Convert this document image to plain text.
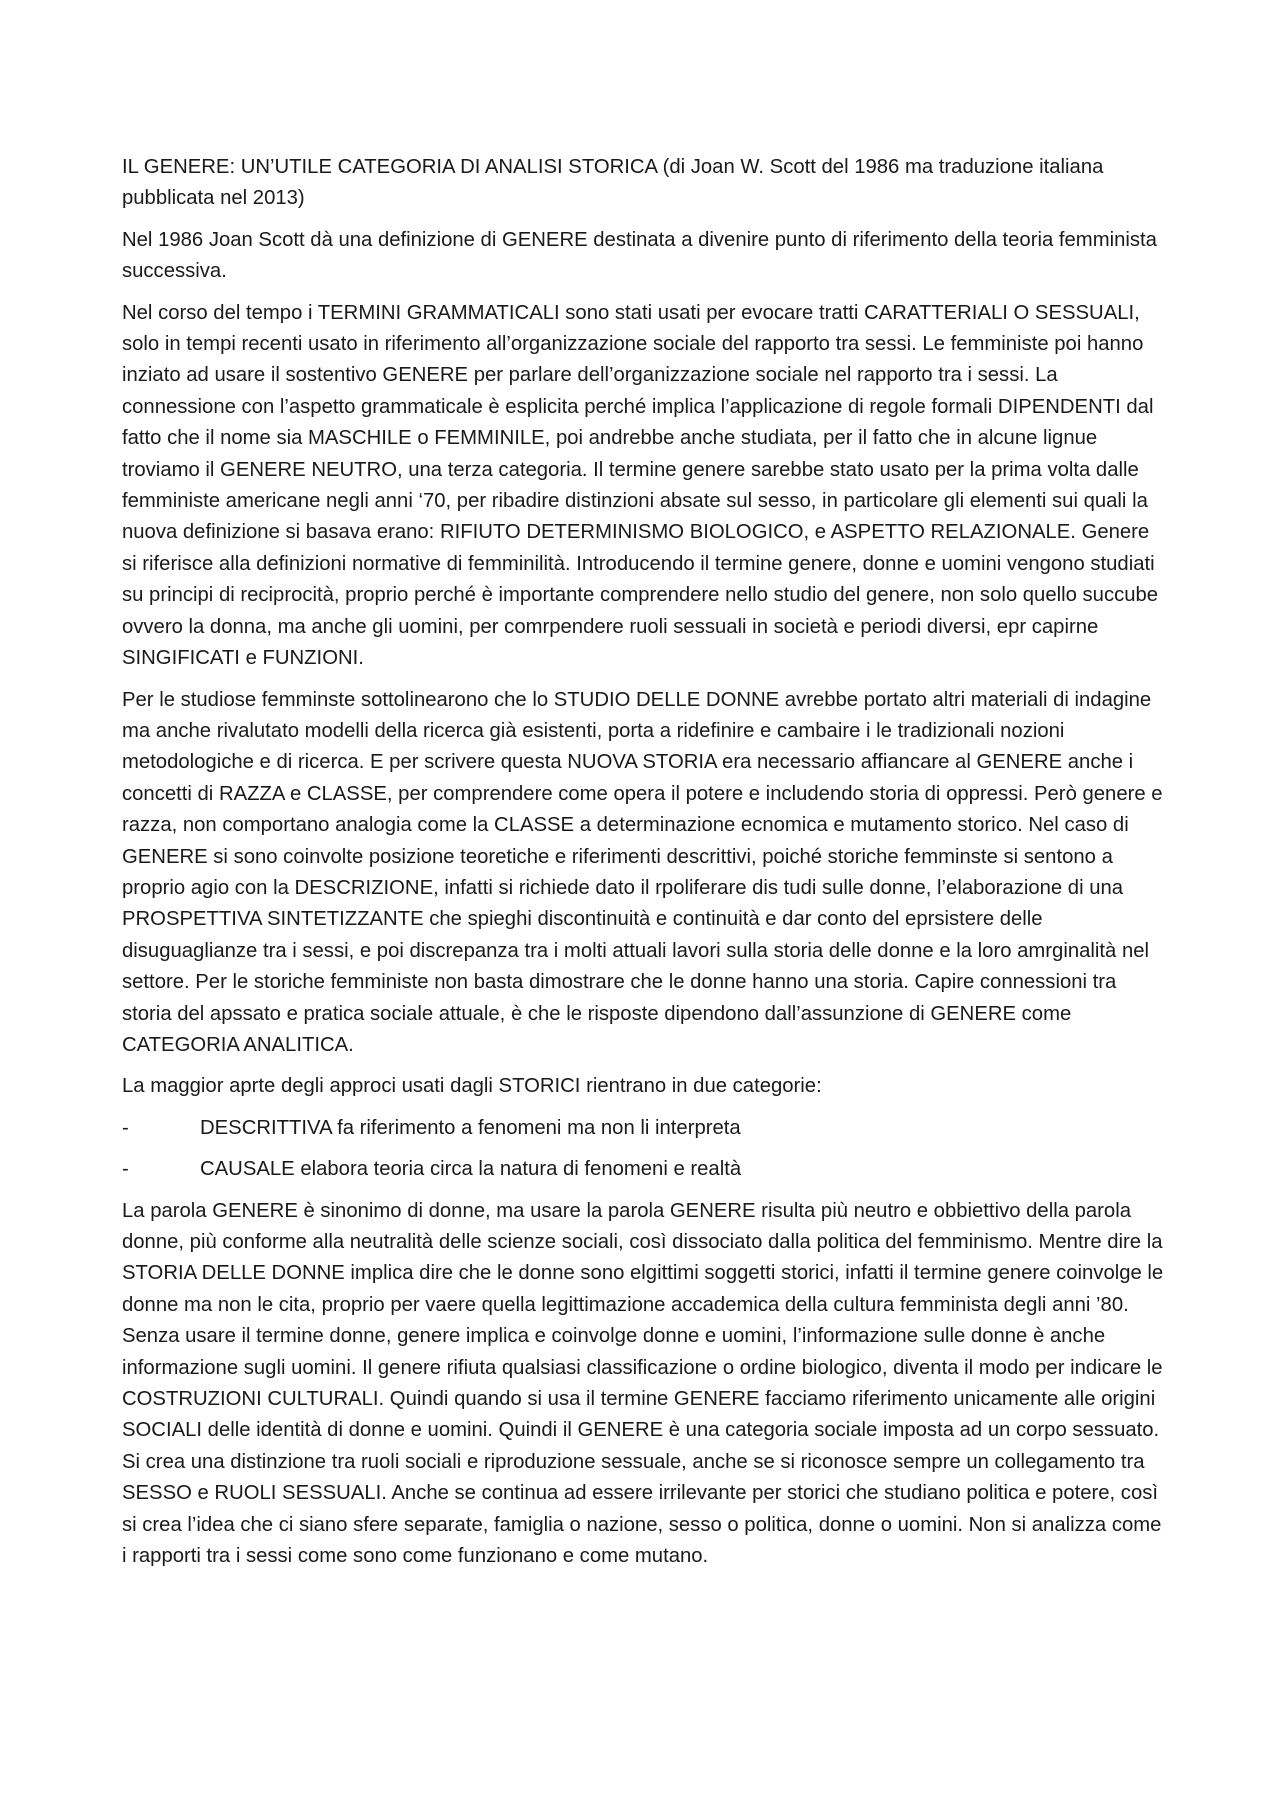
IL GENERE: UN’UTILE CATEGORIA DI ANALISI STORICA (di Joan W. Scott del 1986 ma traduzione italiana pubblicata nel 2013)

Nel 1986 Joan Scott dà una definizione di GENERE destinata a divenire punto di riferimento della teoria femminista successiva.

Nel corso del tempo i TERMINI GRAMMATICALI sono stati usati per evocare tratti CARATTERIALI O SESSUALI, solo in tempi recenti usato in riferimento all’organizzazione sociale del rapporto tra sessi. Le femministe poi hanno inziato ad usare il sostentivo GENERE per parlare dell’organizzazione sociale nel rapporto tra i sessi. La connessione con l’aspetto grammaticale è esplicita perché implica l’applicazione di regole formali DIPENDENTI dal fatto che il nome sia MASCHILE o FEMMINILE, poi andrebbe anche studiata, per il fatto che in alcune lignue troviamo il GENERE NEUTRO, una terza categoria. Il termine genere sarebbe stato usato per la prima volta dalle femministe americane negli anni ‘70, per ribadire distinzioni absate sul sesso, in particolare gli elementi sui quali la nuova definizione si basava erano: RIFIUTO DETERMINISMO BIOLOGICO, e ASPETTO RELAZIONALE. Genere si riferisce alla definizioni normative di femminilità. Introducendo il termine genere, donne e uomini vengono studiati su principi di reciprocità, proprio perché è importante comprendere nello studio del genere, non solo quello succube ovvero la donna, ma anche gli uomini, per comrpendere ruoli sessuali in società e periodi diversi, epr capirne SINGIFICATI e FUNZIONI.

Per le studiose femminste sottolinearono che lo STUDIO DELLE DONNE avrebbe portato altri materiali di indagine ma anche rivalutato modelli della ricerca già esistenti, porta a ridefinire e cambaire i le tradizionali nozioni metodologiche e di ricerca. E per scrivere questa NUOVA STORIA era necessario affiancare al GENERE anche i concetti di RAZZA e CLASSE, per comprendere come opera il potere e includendo storia di oppressi. Però genere e razza, non comportano analogia come la CLASSE a determinazione ecnomica e mutamento storico. Nel caso di GENERE si sono coinvolte posizione teoretiche e riferimenti descrittivi, poiché storiche femminste si sentono a proprio agio con la DESCRIZIONE, infatti si richiede dato il rpoliferare dis tudi sulle donne, l’elaborazione di una PROSPETTIVA SINTETIZZANTE che spieghi discontinuità e continuità e dar conto del eprsistere delle disuguaglianze tra i sessi, e poi discrepanza tra i molti attuali lavori sulla storia delle donne e la loro amrginalità nel settore. Per le storiche femministe non basta dimostrare che le donne hanno una storia. Capire connessioni tra storia del apssato e pratica sociale attuale, è che le risposte dipendono dall’assunzione di GENERE come CATEGORIA ANALITICA.

La maggior aprte degli approci usati dagli STORICI rientrano in due categorie:

-	DESCRITTIVA fa riferimento a fenomeni ma non li interpreta
-	CAUSALE elabora teoria circa la natura di fenomeni e realtà

La parola GENERE è sinonimo di donne, ma usare la parola GENERE risulta più neutro e obbiettivo della parola donne, più conforme alla neutralità delle scienze sociali, così dissociato dalla politica del femminismo. Mentre dire la STORIA DELLE DONNE implica dire che le donne sono elgittimi soggetti storici, infatti il termine genere coinvolge le donne ma non le cita, proprio per vaere quella legittimazione accademica della cultura femminista degli anni ’80. Senza usare il termine donne, genere implica e coinvolge donne e uomini, l’informazione sulle donne è anche informazione sugli uomini. Il genere rifiuta qualsiasi classificazione o ordine biologico, diventa il modo per indicare le COSTRUZIONI CULTURALI. Quindi quando si usa il termine GENERE facciamo riferimento unicamente alle origini SOCIALI delle identità di donne e uomini. Quindi il GENERE è una categoria sociale imposta ad un corpo sessuato. Si crea una distinzione tra ruoli sociali e riproduzione sessuale, anche se si riconosce sempre un collegamento tra SESSO e RUOLI SESSUALI. Anche se continua ad essere irrilevante per storici che studiano politica e potere, così si crea l’idea che ci siano sfere separate, famiglia o nazione, sesso o politica, donne o uomini. Non si analizza come i rapporti tra i sessi come sono come funzionano e come mutano.
